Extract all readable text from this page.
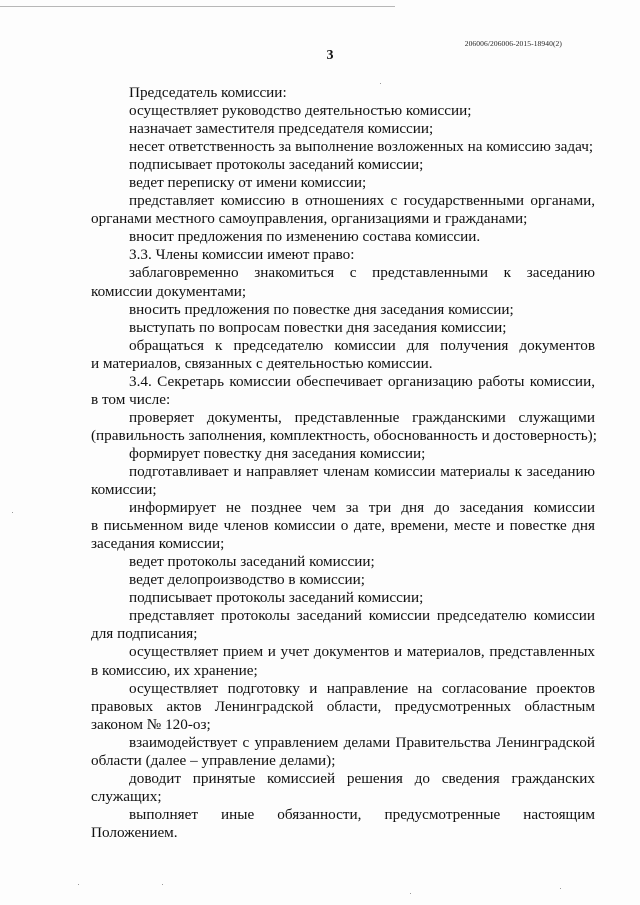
206006/206006-2015-18940(2)
3
Председатель комиссии:
осуществляет руководство деятельностью комиссии;
назначает заместителя председателя комиссии;
несет ответственность за выполнение возложенных на комиссию задач;
подписывает протоколы заседаний комиссии;
ведет переписку от имени комиссии;
представляет комиссию в отношениях с государственными органами,
органами местного самоуправления, организациями и гражданами;
вносит предложения по изменению состава комиссии.
3.3. Члены комиссии имеют право:
заблаговременно знакомиться с представленными к заседанию
комиссии документами;
вносить предложения по повестке дня заседания комиссии;
выступать по вопросам повестки дня заседания комиссии;
обращаться к председателю комиссии для получения документов
и материалов, связанных с деятельностью комиссии.
3.4. Секретарь комиссии обеспечивает организацию работы комиссии,
в том числе:
проверяет документы, представленные гражданскими служащими
(правильность заполнения, комплектность, обоснованность и достоверность);
формирует повестку дня заседания комиссии;
подготавливает и направляет членам комиссии материалы к заседанию
комиссии;
информирует не позднее чем за три дня до заседания комиссии
в письменном виде членов комиссии о дате, времени, месте и повестке дня
заседания комиссии;
ведет протоколы заседаний комиссии;
ведет делопроизводство в комиссии;
подписывает протоколы заседаний комиссии;
представляет протоколы заседаний комиссии председателю комиссии
для подписания;
осуществляет прием и учет документов и материалов, представленных
в комиссию, их хранение;
осуществляет подготовку и направление на согласование проектов
правовых актов Ленинградской области, предусмотренных областным
законом № 120-оз;
взаимодействует с управлением делами Правительства Ленинградской
области (далее – управление делами);
доводит принятые комиссией решения до сведения гражданских
служащих;
выполняет иные обязанности, предусмотренные настоящим
Положением.
